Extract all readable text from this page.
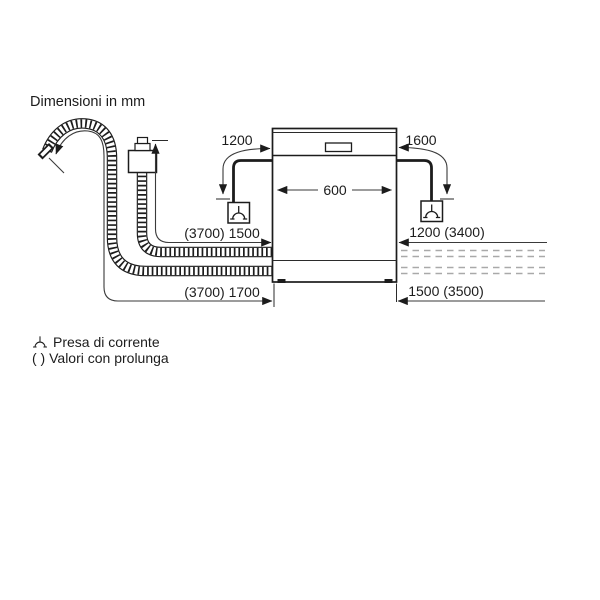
Dimensioni in mm
600
1200	1600
(3700) 1500
(3700) 1700
1200 (3400)
1500 (3500)
Presa di corrente
( ) Valori con prolunga
